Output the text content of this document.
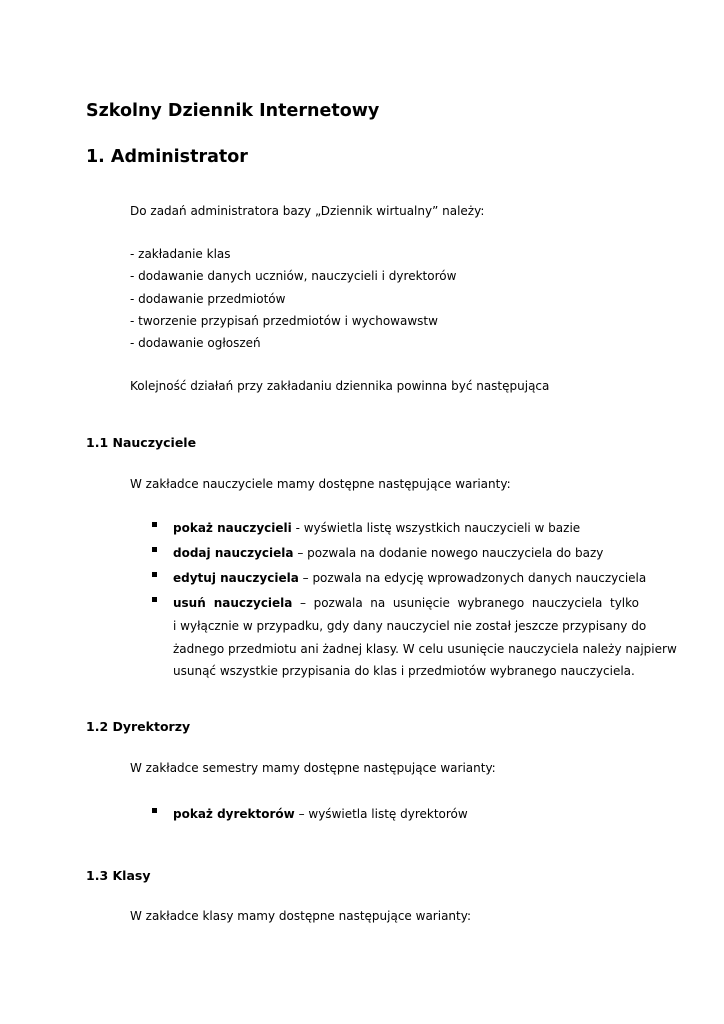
Szkolny Dziennik Internetowy
1. Administrator
Do zadań administratora bazy „Dziennik wirtualny” należy:
- zakładanie klas
- dodawanie danych uczniów, nauczycieli i dyrektorów
- dodawanie przedmiotów
- tworzenie przypisań przedmiotów i wychowawstw
- dodawanie ogłoszeń
Kolejność działań przy zakładaniu dziennika powinna być następująca
1.1 Nauczyciele
W zakładce nauczyciele mamy dostępne następujące warianty:
pokaż nauczycieli - wyświetla listę wszystkich nauczycieli w bazie
dodaj nauczyciela – pozwala na dodanie nowego nauczyciela do bazy
edytuj nauczyciela – pozwala na edycję wprowadzonych danych nauczyciela
usuń nauczyciela – pozwala na usunięcie wybranego nauczyciela tylko
i wyłącznie w przypadku, gdy dany nauczyciel nie został jeszcze przypisany do
żadnego przedmiotu ani żadnej klasy. W celu usunięcie nauczyciela należy najpierw
usunąć wszystkie przypisania do klas i przedmiotów wybranego nauczyciela.
1.2 Dyrektorzy
W zakładce semestry mamy dostępne następujące warianty:
pokaż dyrektorów – wyświetla listę dyrektorów
1.3 Klasy
W zakładce klasy mamy dostępne następujące warianty:
